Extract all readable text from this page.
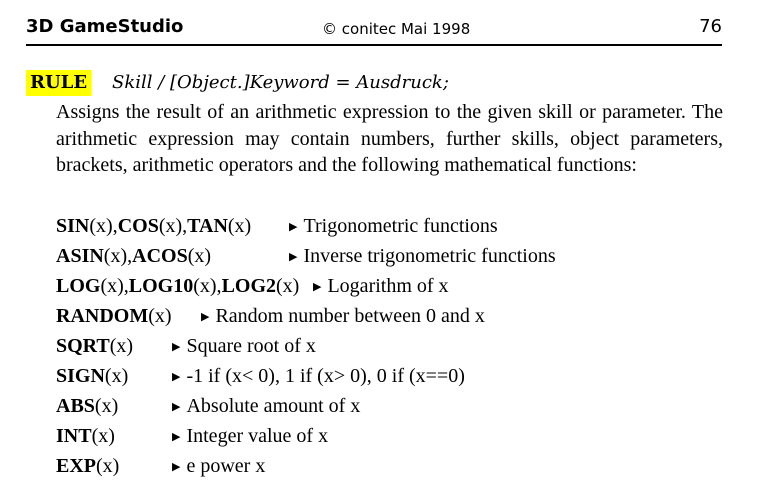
3D GameStudio	© conitec Mai 1998	76
RULE Skill / [Object.]Keyword = Ausdruck;
Assigns the result of an arithmetic expression to the given skill or parameter. The arithmetic expression may contain numbers, further skills, object parameters, brackets, arithmetic operators and the following mathematical functions:
SIN(x),COS(x),TAN(x)	▶ Trigonometric functions
ASIN(x),ACOS(x)	▶ Inverse trigonometric functions
LOG(x),LOG10(x),LOG2(x) ▶ Logarithm of x
RANDOM(x)	▶ Random number between 0 and x
SQRT(x)	▶ Square root of x
SIGN(x)	▶ -1 if (x< 0), 1 if (x> 0), 0 if (x==0)
ABS(x)	▶ Absolute amount of x
INT(x)	▶ Integer value of x
EXP(x)	▶ e power x
